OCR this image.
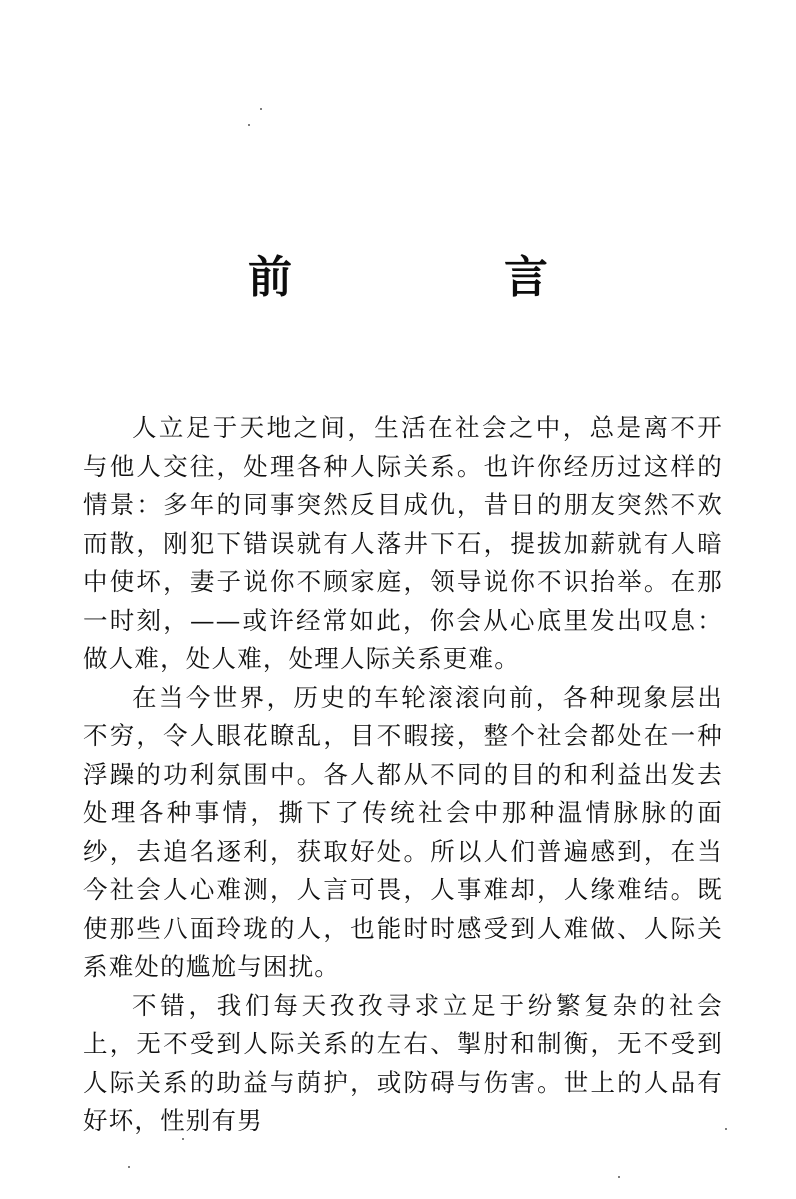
前　言

人立足于天地之间，生活在社会之中，总是离不开与他人交往，处理各种人际关系。也许你经历过这样的情景：多年的同事突然反目成仇，昔日的朋友突然不欢而散，刚犯下错误就有人落井下石，提拔加薪就有人暗中使坏，妻子说你不顾家庭，领导说你不识抬举。在那一时刻，——或许经常如此，你会从心底里发出叹息：做人难，处人难，处理人际关系更难。

在当今世界，历史的车轮滚滚向前，各种现象层出不穷，令人眼花瞭乱，目不暇接，整个社会都处在一种浮躁的功利氛围中。各人都从不同的目的和利益出发去处理各种事情，撕下了传统社会中那种温情脉脉的面纱，去追名逐利，获取好处。所以人们普遍感到，在当今社会人心难测，人言可畏，人事难却，人缘难结。既使那些八面玲珑的人，也能时时感受到人难做、人际关系难处的尴尬与困扰。

不错，我们每天孜孜寻求立足于纷繁复杂的社会上，无不受到人际关系的左右、掣肘和制衡，无不受到人际关系的助益与荫护，或防碍与伤害。世上的人品有好坏，性别有男
